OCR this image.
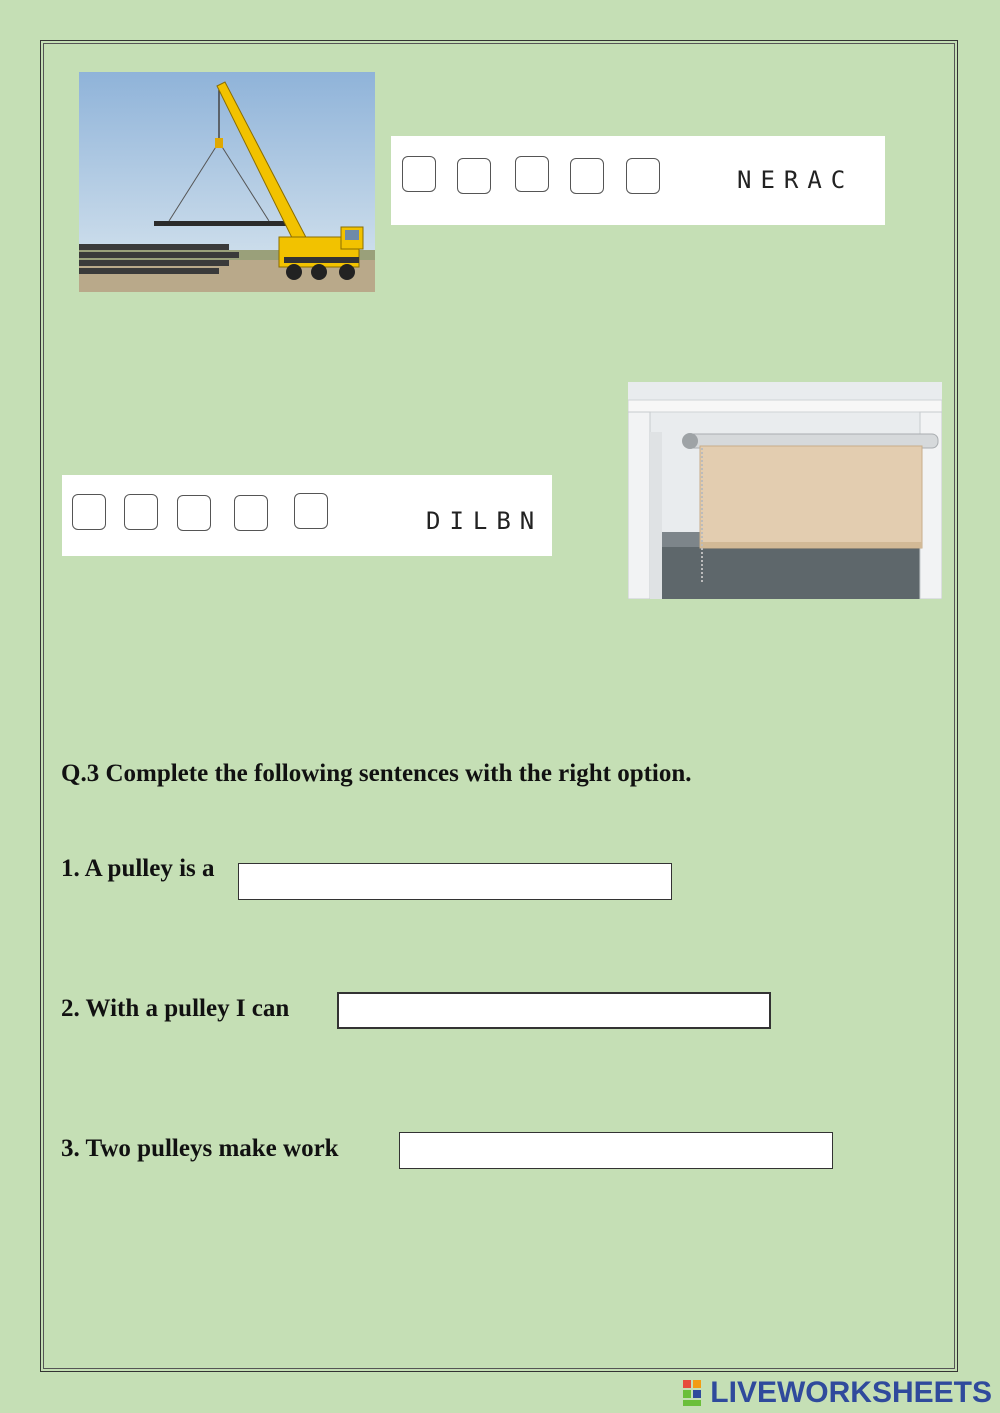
NERAC
DILBN
Q.3 Complete the following sentences with the right option.
1. A pulley is a
2. With a pulley I can
3. Two pulleys make work
LIVEWORKSHEETS
